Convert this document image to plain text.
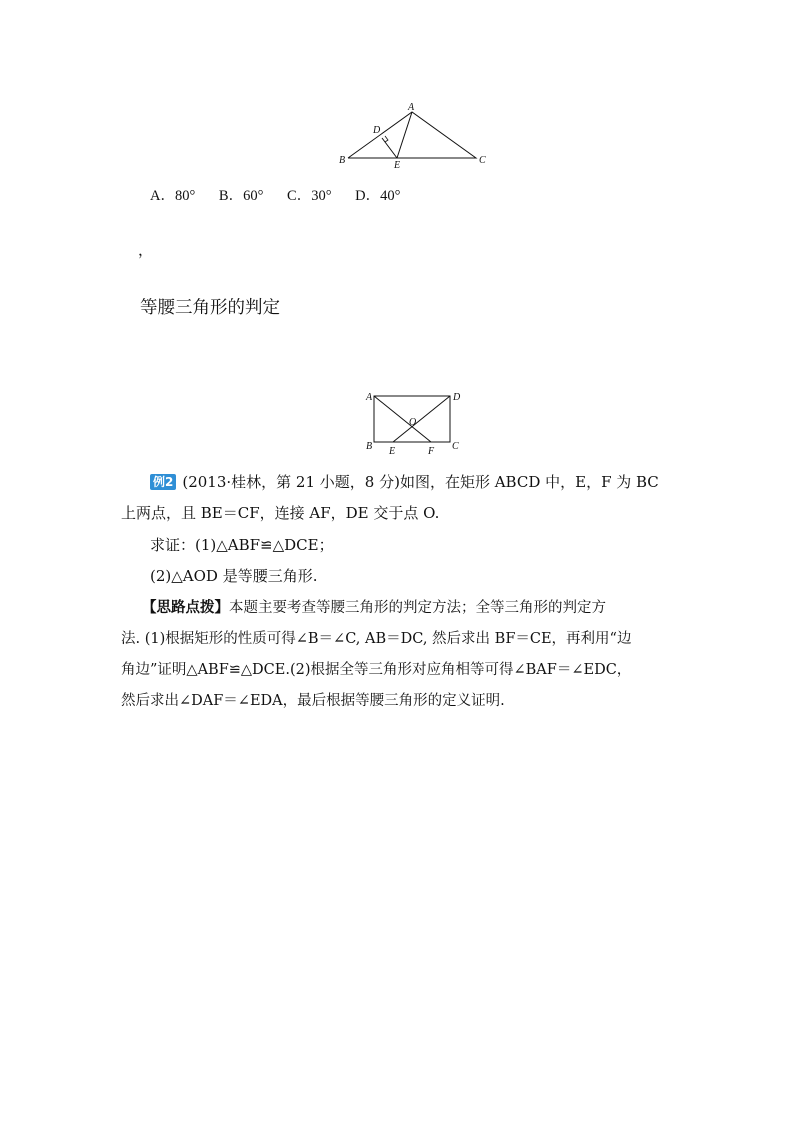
A
D
B	E	C
A．80° B．60° C．30° D．40°
，
等腰三角形的判定
A	D
O
B E	F C
例2 (2013·桂林，第 21 小题，8 分)如图，在矩形 ABCD 中，E，F 为 BC
上两点，且 BE＝CF，连接 AF，DE 交于点 O.
求证：(1)△ABF≌△DCE；
(2)△AOD 是等腰三角形.
【思路点拨】本题主要考查等腰三角形的判定方法；全等三角形的判定方
法. (1)根据矩形的性质可得∠B＝∠C, AB＝DC, 然后求出 BF＝CE，再利用“边
角边”证明△ABF≌△DCE.(2)根据全等三角形对应角相等可得∠BAF＝∠EDC，
然后求出∠DAF＝∠EDA，最后根据等腰三角形的定义证明.
